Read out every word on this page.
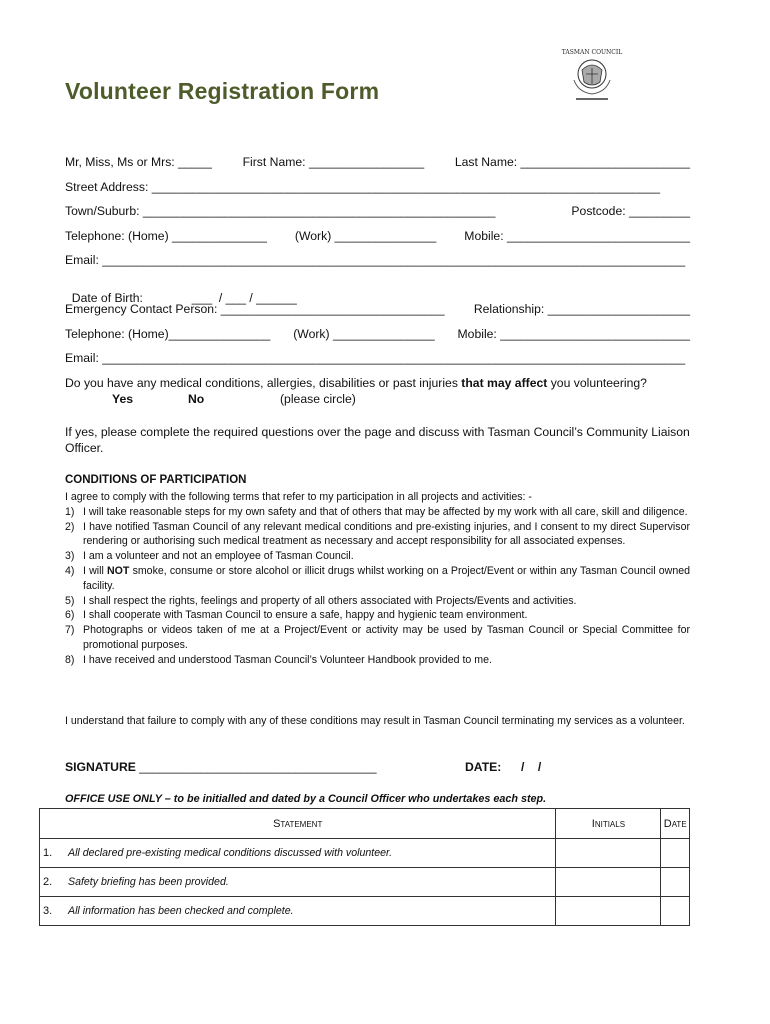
Volunteer Registration Form
TASMAN COUNCIL
Mr, Miss, Ms or Mrs: _____	First Name: _________________	Last Name: _________________________
Street Address: ___________________________________________________________________________
Town/Suburb: ____________________________________________________	Postcode: _________
Telephone: (Home) ______________ (Work) _______________ Mobile: ___________________________
Email: ______________________________________________________________________________________

Date of Birth:	___  / ___ / ______

Emergency Contact Person: _________________________________ Relationship: _____________________
Telephone: (Home)_______________ (Work) _______________ Mobile: ____________________________
Email: ______________________________________________________________________________________
Do you have any medical conditions, allergies, disabilities or past injuries that may affect you volunteering?
Yes	No	(please circle)
If yes, please complete the required questions over the page and discuss with Tasman Council’s Community Liaison Officer.
CONDITIONS OF PARTICIPATION
I agree to comply with the following terms that refer to my participation in all projects and activities: -
1) I will take reasonable steps for my own safety and that of others that may be affected by my work with all care, skill and diligence.
2) I have notified Tasman Council of any relevant medical conditions and pre-existing injuries, and I consent to my direct Supervisor rendering or authorising such medical treatment as necessary and accept responsibility for all associated expenses.
3) I am a volunteer and not an employee of Tasman Council.
4) I will NOT smoke, consume or store alcohol or illicit drugs whilst working on a Project/Event or within any Tasman Council owned facility.
5) I shall respect the rights, feelings and property of all others associated with Projects/Events and activities.
6) I shall cooperate with Tasman Council to ensure a safe, happy and hygienic team environment.
7) Photographs or videos taken of me at a Project/Event or activity may be used by Tasman Council or Special Committee for promotional purposes.
8) I have received and understood Tasman Council’s Volunteer Handbook provided to me.
I understand that failure to comply with any of these conditions may result in Tasman Council terminating my services as a volunteer.
SIGNATURE ___________________________________	DATE: /    /
OFFICE USE ONLY – to be initialled and dated by a Council Officer who undertakes each step.
Statement		Initials	Date
1.	All declared pre-existing medical conditions discussed with volunteer.		
2.	Safety briefing has been provided.		
3.	All information has been checked and complete.		
